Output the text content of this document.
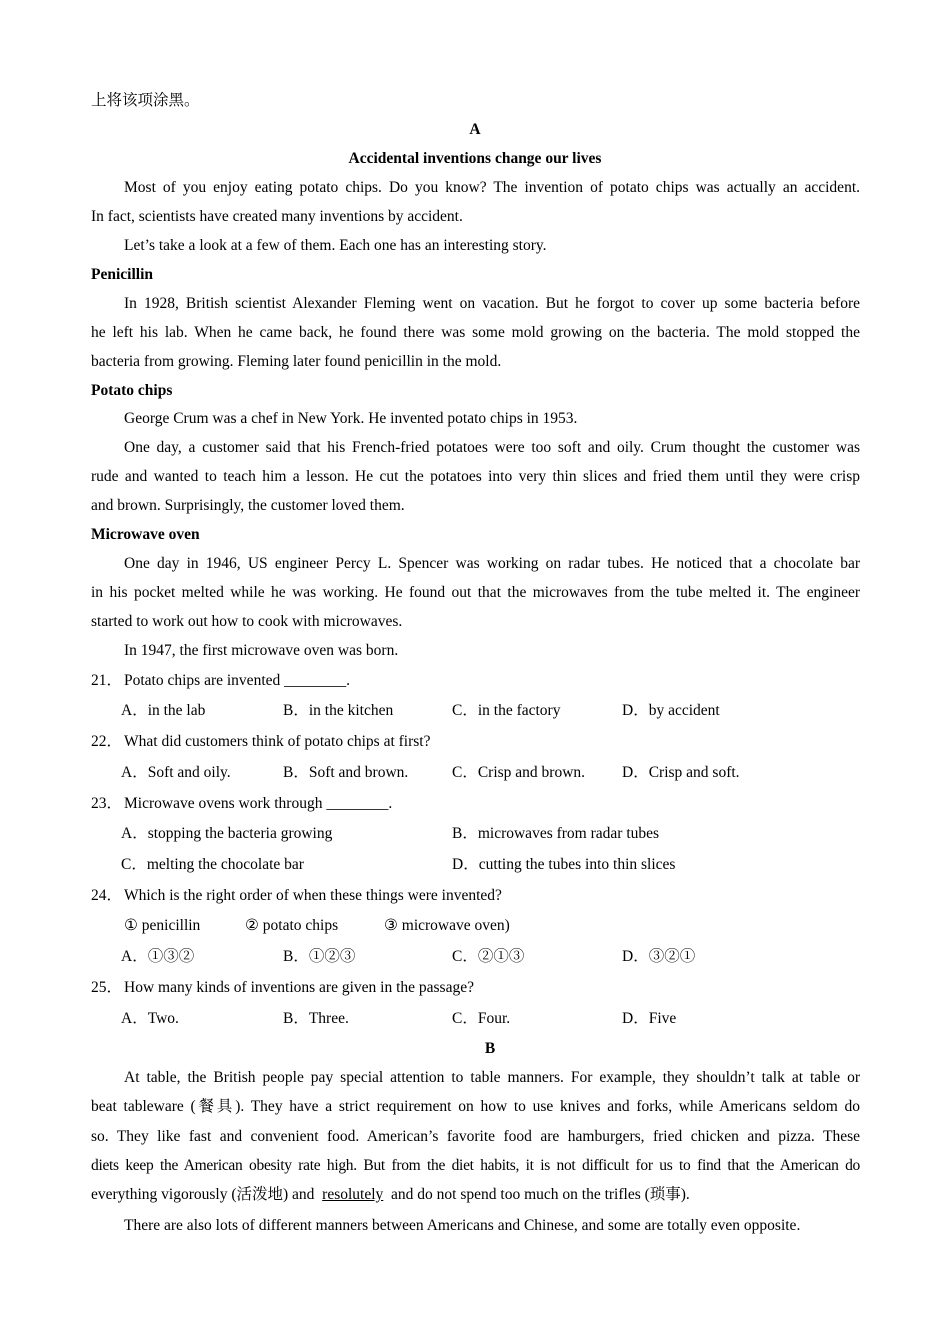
上将该项涂黑。
A
Accidental inventions change our lives
Most of you enjoy eating potato chips. Do you know? The invention of potato chips was actually an accident.
In fact, scientists have created many inventions by accident.
Let’s take a look at a few of them. Each one has an interesting story.
Penicillin
In 1928, British scientist Alexander Fleming went on vacation. But he forgot to cover up some bacteria before
he left his lab. When he came back, he found there was some mold growing on the bacteria. The mold stopped the
bacteria from growing. Fleming later found penicillin in the mold.
Potato chips
George Crum was a chef in New York. He invented potato chips in 1953.
One day, a customer said that his French-fried potatoes were too soft and oily. Crum thought the customer was
rude and wanted to teach him a lesson. He cut the potatoes into very thin slices and fried them until they were crisp
and brown. Surprisingly, the customer loved them.
Microwave oven
One day in 1946, US engineer Percy L. Spencer was working on radar tubes. He noticed that a chocolate bar
in his pocket melted while he was working. He found out that the microwaves from the tube melted it. The engineer
started to work out how to cook with microwaves.
In 1947, the first microwave oven was born.
21． Potato chips are invented ________.
A．in the lab	B．in the kitchen	C．in the factory	D．by accident
22． What did customers think of potato chips at first?
A．Soft and oily.	B．Soft and brown.	C．Crisp and brown. D．Crisp and soft.
23． Microwave ovens work through ________.
A．stopping the bacteria growing	B．microwaves from radar tubes
C．melting the chocolate bar	D．cutting the tubes into thin slices
24． Which is the right order of when these things were invented?
① penicillin	② potato chips	③ microwave oven)
A．①③②	B．①②③	C．②①③	D．③②①
25． How many kinds of inventions are given in the passage?
A．Two.	B．Three.	C．Four.	D．Five
B
At table, the British people pay special attention to table manners. For example, they shouldn’t talk at table or
beat tableware (餐具). They have a strict requirement on how to use knives and forks, while Americans seldom do
so. They like fast and convenient food. American’s favorite food are hamburgers, fried chicken and pizza. These
diets keep the American obesity rate high. But from the diet habits, it is not difficult for us to find that the American do
everything vigorously (活泼地) and  resolutely  and do not spend too much on the trifles (琐事).
There are also lots of different manners between Americans and Chinese, and some are totally even opposite.
